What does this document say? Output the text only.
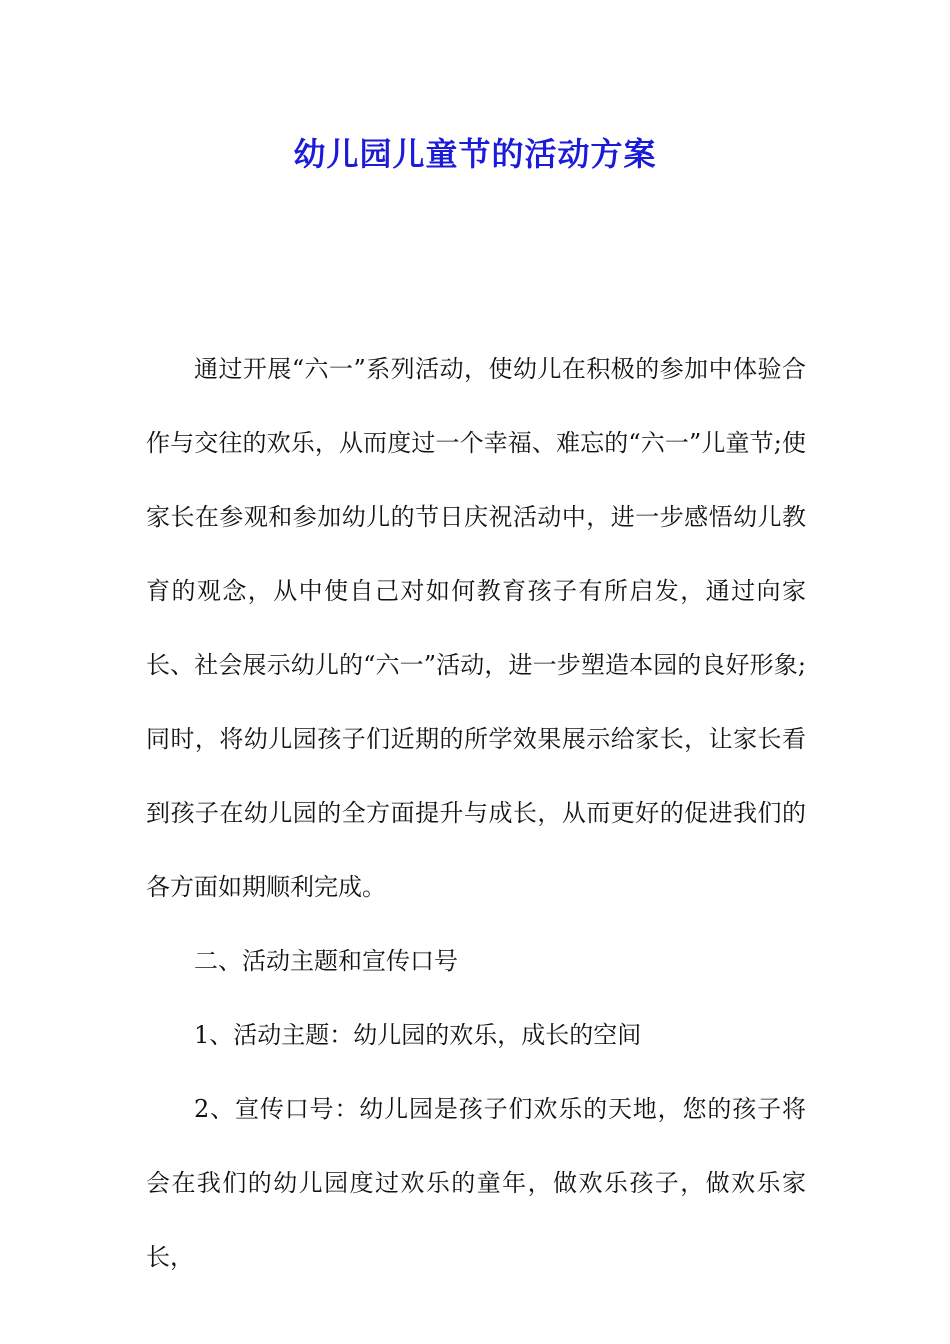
幼儿园儿童节的活动方案

通过开展“六一”系列活动，使幼儿在积极的参加中体验合作与交往的欢乐，从而度过一个幸福、难忘的“六一”儿童节;使家长在参观和参加幼儿的节日庆祝活动中，进一步感悟幼儿教育的观念，从中使自己对如何教育孩子有所启发，通过向家长、社会展示幼儿的“六一”活动，进一步塑造本园的良好形象;同时，将幼儿园孩子们近期的所学效果展示给家长，让家长看到孩子在幼儿园的全方面提升与成长，从而更好的促进我们的各方面如期顺利完成。

二、活动主题和宣传口号

1、活动主题：幼儿园的欢乐，成长的空间

2、宣传口号：幼儿园是孩子们欢乐的天地，您的孩子将会在我们的幼儿园度过欢乐的童年，做欢乐孩子，做欢乐家长，
